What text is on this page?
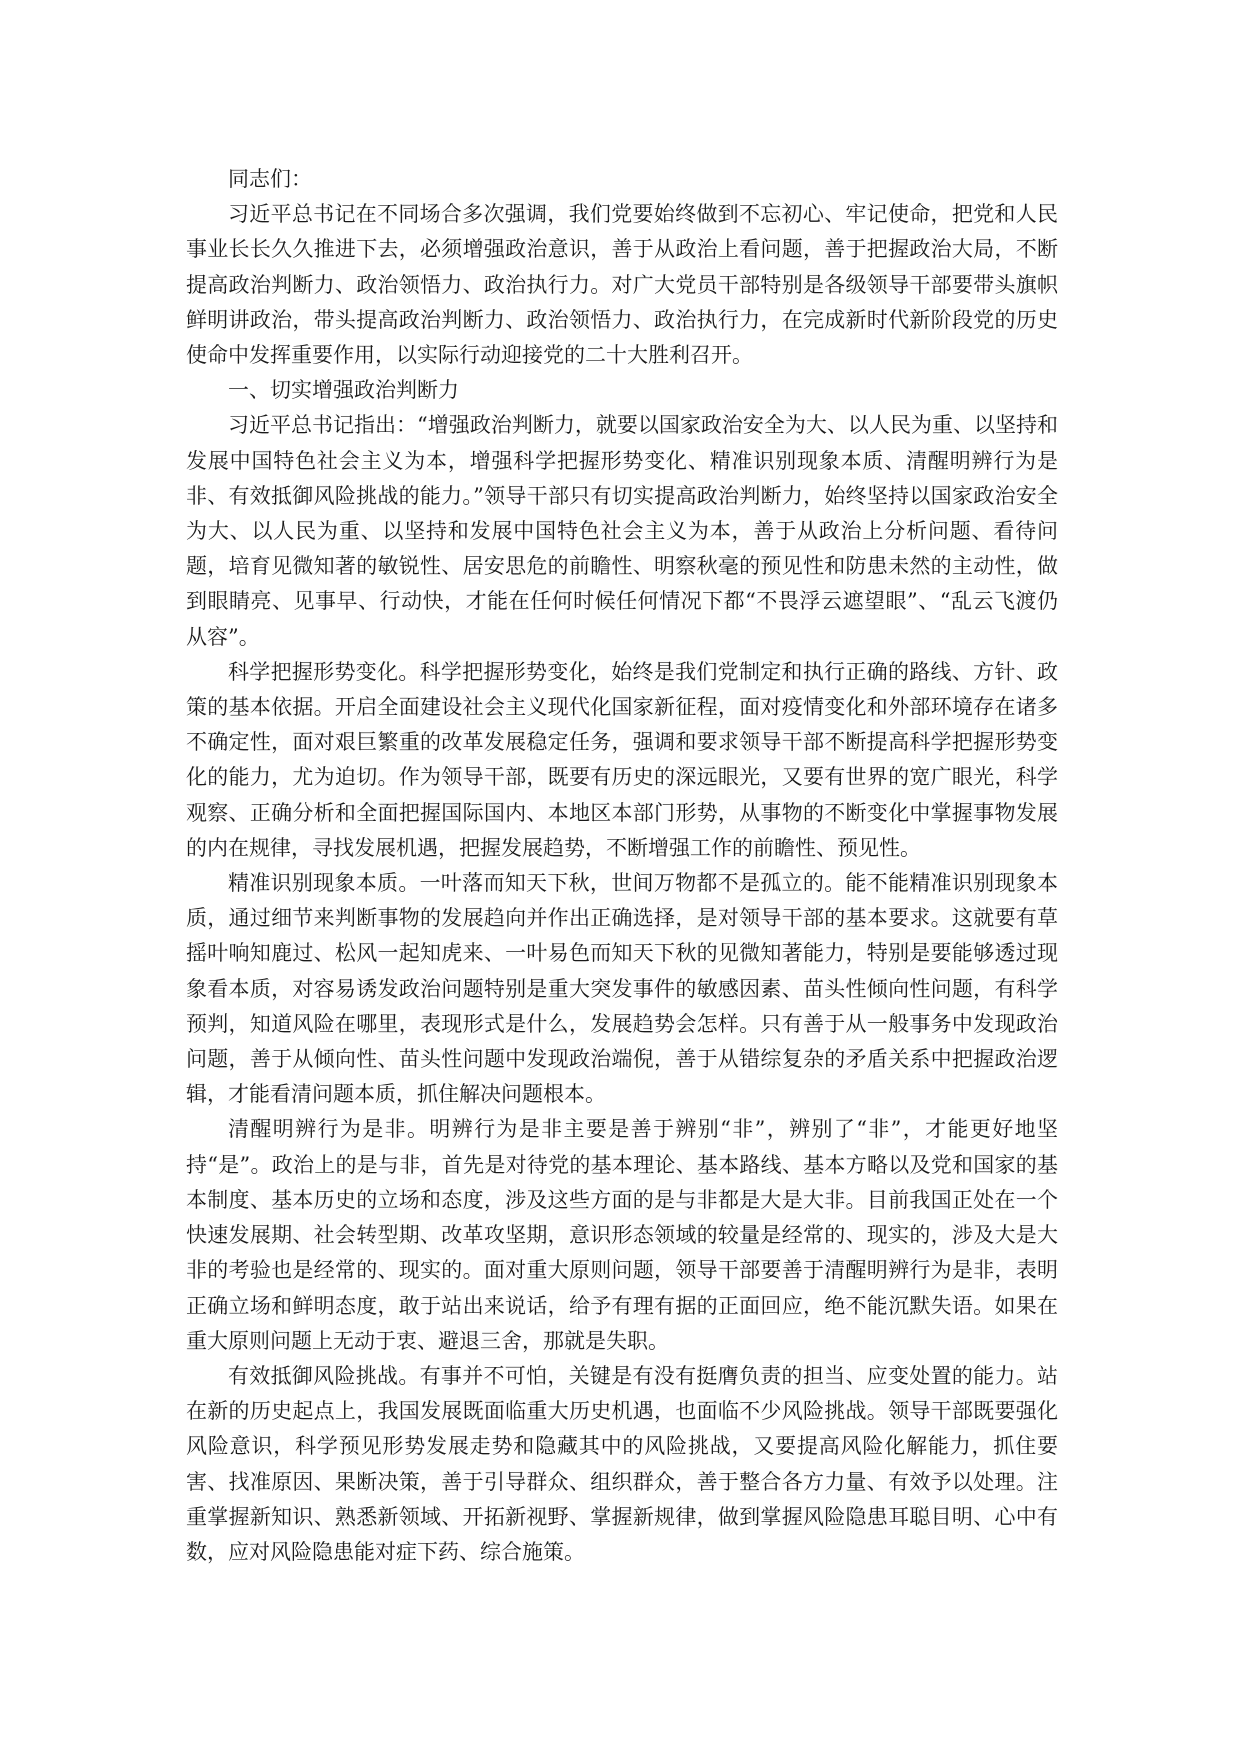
同志们：

习近平总书记在不同场合多次强调，我们党要始终做到不忘初心、牢记使命，把党和人民事业长长久久推进下去，必须增强政治意识，善于从政治上看问题，善于把握政治大局，不断提高政治判断力、政治领悟力、政治执行力。对广大党员干部特别是各级领导干部要带头旗帜鲜明讲政治，带头提高政治判断力、政治领悟力、政治执行力，在完成新时代新阶段党的历史使命中发挥重要作用，以实际行动迎接党的二十大胜利召开。

一、切实增强政治判断力

习近平总书记指出：“增强政治判断力，就要以国家政治安全为大、以人民为重、以坚持和发展中国特色社会主义为本，增强科学把握形势变化、精准识别现象本质、清醒明辨行为是非、有效抵御风险挑战的能力。”领导干部只有切实提高政治判断力，始终坚持以国家政治安全为大、以人民为重、以坚持和发展中国特色社会主义为本，善于从政治上分析问题、看待问题，培育见微知著的敏锐性、居安思危的前瞻性、明察秋毫的预见性和防患未然的主动性，做到眼睛亮、见事早、行动快，才能在任何时候任何情况下都“不畏浮云遮望眼”、“乱云飞渡仍从容”。

科学把握形势变化。科学把握形势变化，始终是我们党制定和执行正确的路线、方针、政策的基本依据。开启全面建设社会主义现代化国家新征程，面对疫情变化和外部环境存在诸多不确定性，面对艰巨繁重的改革发展稳定任务，强调和要求领导干部不断提高科学把握形势变化的能力，尤为迫切。作为领导干部，既要有历史的深远眼光，又要有世界的宽广眼光，科学观察、正确分析和全面把握国际国内、本地区本部门形势，从事物的不断变化中掌握事物发展的内在规律，寻找发展机遇，把握发展趋势，不断增强工作的前瞻性、预见性。

精准识别现象本质。一叶落而知天下秋，世间万物都不是孤立的。能不能精准识别现象本质，通过细节来判断事物的发展趋向并作出正确选择，是对领导干部的基本要求。这就要有草摇叶响知鹿过、松风一起知虎来、一叶易色而知天下秋的见微知著能力，特别是要能够透过现象看本质，对容易诱发政治问题特别是重大突发事件的敏感因素、苗头性倾向性问题，有科学预判，知道风险在哪里，表现形式是什么，发展趋势会怎样。只有善于从一般事务中发现政治问题，善于从倾向性、苗头性问题中发现政治端倪，善于从错综复杂的矛盾关系中把握政治逻辑，才能看清问题本质，抓住解决问题根本。

清醒明辨行为是非。明辨行为是非主要是善于辨别“非”，辨别了“非”，才能更好地坚持“是”。政治上的是与非，首先是对待党的基本理论、基本路线、基本方略以及党和国家的基本制度、基本历史的立场和态度，涉及这些方面的是与非都是大是大非。目前我国正处在一个快速发展期、社会转型期、改革攻坚期，意识形态领域的较量是经常的、现实的，涉及大是大非的考验也是经常的、现实的。面对重大原则问题，领导干部要善于清醒明辨行为是非，表明正确立场和鲜明态度，敢于站出来说话，给予有理有据的正面回应，绝不能沉默失语。如果在重大原则问题上无动于衷、避退三舍，那就是失职。

有效抵御风险挑战。有事并不可怕，关键是有没有挺膺负责的担当、应变处置的能力。站在新的历史起点上，我国发展既面临重大历史机遇，也面临不少风险挑战。领导干部既要强化风险意识，科学预见形势发展走势和隐藏其中的风险挑战，又要提高风险化解能力，抓住要害、找准原因、果断决策，善于引导群众、组织群众，善于整合各方力量、有效予以处理。注重掌握新知识、熟悉新领域、开拓新视野、掌握新规律，做到掌握风险隐患耳聪目明、心中有数，应对风险隐患能对症下药、综合施策。
